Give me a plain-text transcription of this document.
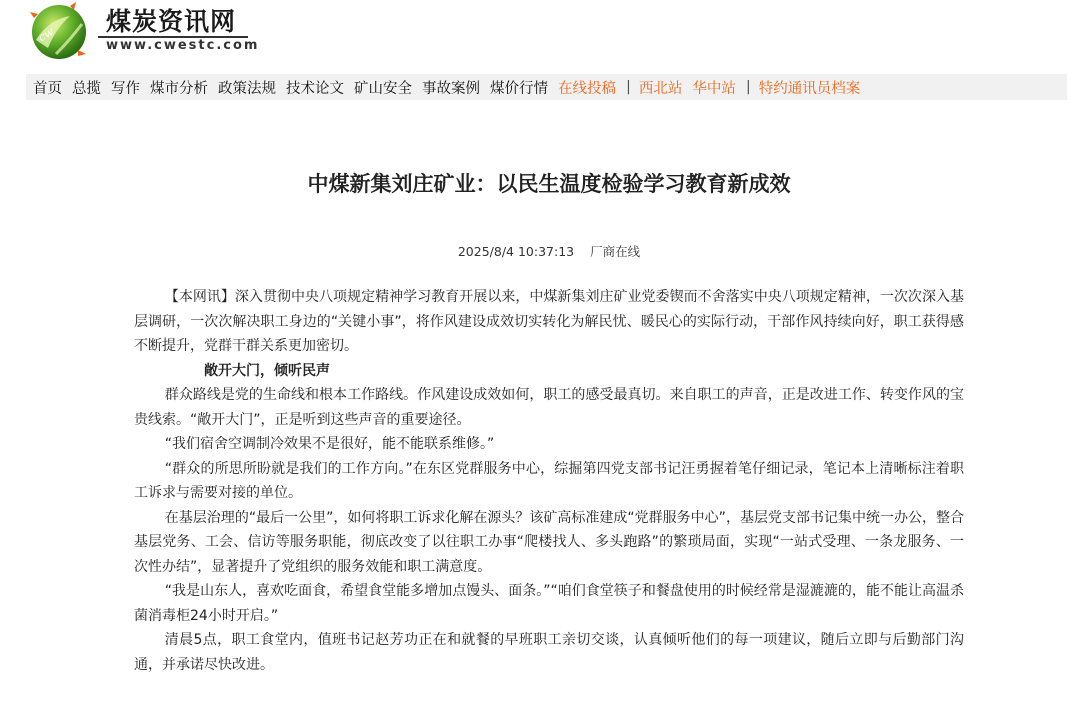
cw 煤炭资讯网
www.cwestc.com
首页 总揽 写作 煤市分析 政策法规 技术论文 矿山安全 事故案例 煤价行情 在线投稿 | 西北站 华中站 | 特约通讯员档案
中煤新集刘庄矿业：以民生温度检验学习教育新成效
2025/8/4 10:37:13 厂商在线

【本网讯】深入贯彻中央八项规定精神学习教育开展以来，中煤新集刘庄矿业党委锲而不舍落实中央八项规定精神，一次次深入基层调研，一次次解决职工身边的“关键小事”，将作风建设成效切实转化为解民忧、暖民心的实际行动，干部作风持续向好，职工获得感不断提升，党群干群关系更加密切。

敞开大门，倾听民声

群众路线是党的生命线和根本工作路线。作风建设成效如何，职工的感受最真切。来自职工的声音，正是改进工作、转变作风的宝贵线索。“敞开大门”，正是听到这些声音的重要途径。

“我们宿舍空调制冷效果不是很好，能不能联系维修。”

“群众的所思所盼就是我们的工作方向。”在东区党群服务中心，综掘第四党支部书记汪勇握着笔仔细记录，笔记本上清晰标注着职工诉求与需要对接的单位。

在基层治理的“最后一公里”，如何将职工诉求化解在源头？该矿高标准建成“党群服务中心”，基层党支部书记集中统一办公，整合基层党务、工会、信访等服务职能，彻底改变了以往职工办事“爬楼找人、多头跑路”的繁琐局面，实现“一站式受理、一条龙服务、一次性办结”，显著提升了党组织的服务效能和职工满意度。

“我是山东人，喜欢吃面食，希望食堂能多增加点馒头、面条。”“咱们食堂筷子和餐盘使用的时候经常是湿漉漉的，能不能让高温杀菌消毒柜24小时开启。”

清晨5点，职工食堂内，值班书记赵芳功正在和就餐的早班职工亲切交谈，认真倾听他们的每一项建议，随后立即与后勤部门沟通，并承诺尽快改进。
